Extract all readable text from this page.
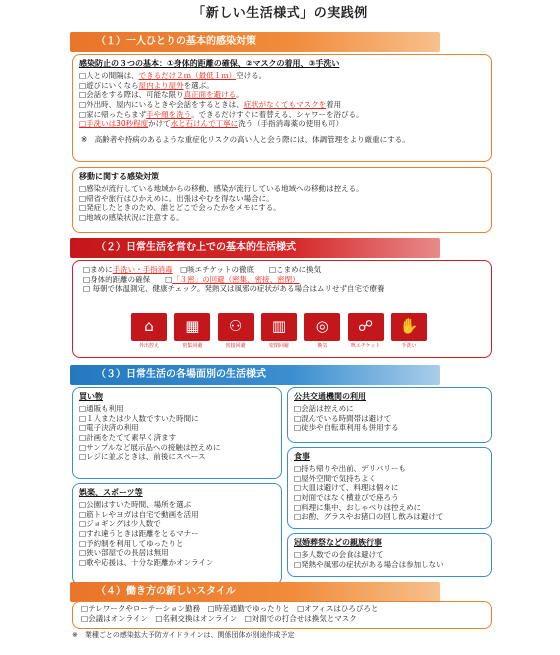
「新しい生活様式」の実践例
（１）一人ひとりの基本的感染対策
感染防止の３つの基本：①身体的距離の確保、②マスクの着用、③手洗い
□人との間隔は、できるだけ２ｍ（最低１ｍ）空ける。
□遊びにいくなら屋内より屋外を選ぶ。
□会話をする際は、可能な限り真正面を避ける。
□外出時、屋内にいるときや会話をするときは、症状がなくてもマスクを着用
□家に帰ったらまず手や顔を洗う。できるだけすぐに着替える、シャワーを浴びる。
□手洗いは30秒程度かけて水と石けんで丁寧に洗う（手指消毒薬の使用も可）
※　高齢者や持病のあるような重症化リスクの高い人と会う際には、体調管理をより厳重にする。
移動に関する感染対策
□感染が流行している地域からの移動、感染が流行している地域への移動は控える。
□帰省や旅行はひかえめに。出張はやむを得ない場合に。
□発症したときのため、誰とどこで会ったかをメモにする。
□地域の感染状況に注意する。
（２）日常生活を営む上での基本的生活様式
□まめに手洗い・手指消毒　□咳エチケットの徹底　　□こまめに換気
□身体的距離の確保　　□「３密」の回避（密集、密接、密閉）
□ 毎朝で体温測定、健康チェック。発熱又は風邪の症状がある場合はムリせず自宅で療養
⌂
外出控え
▦
密集回避
⚇
密接回避
▥
密閉回避
◎
換気
☍
咳エチケット
✋
手洗い
（３）日常生活の各場面別の生活様式
買い物
□通販も利用
□１人または少人数ですいた時間に
□電子決済の利用
□計画をたてて素早く済ます
□サンプルなど展示品への接触は控えめに
□レジに並ぶときは、前後にスペース
娯楽、スポーツ等
□公園はすいた時間、場所を選ぶ
□筋トレやヨガは自宅で動画を活用
□ジョギングは少人数で
□すれ違うときは距離をとるマナー
□予約制を利用してゆったりと
□狭い部屋での長居は無用
□歌や応援は、十分な距離かオンライン
公共交通機関の利用
□会話は控えめに
□混んでいる時間帯は避けて
□徒歩や自転車利用も併用する
食事
□持ち帰りや出前、デリバリーも
□屋外空間で気持ちよく
□大皿は避けて、料理は個々に
□対面ではなく横並びで座ろう
□料理に集中、おしゃべりは控えめに
□お酌、グラスやお猪口の回し飲みは避けて
冠婚葬祭などの親族行事
□多人数での会食は避けて
□発熱や風邪の症状がある場合は参加しない
（４）働き方の新しいスタイル
□テレワークやローテーション勤務　□時差通勤でゆったりと　□オフィスはひろびろと
□会議はオンライン　□名刺交換はオンライン　□対面での打合せは換気とマスク
※　業種ごとの感染拡大予防ガイドラインは、関係団体が別途作成予定
